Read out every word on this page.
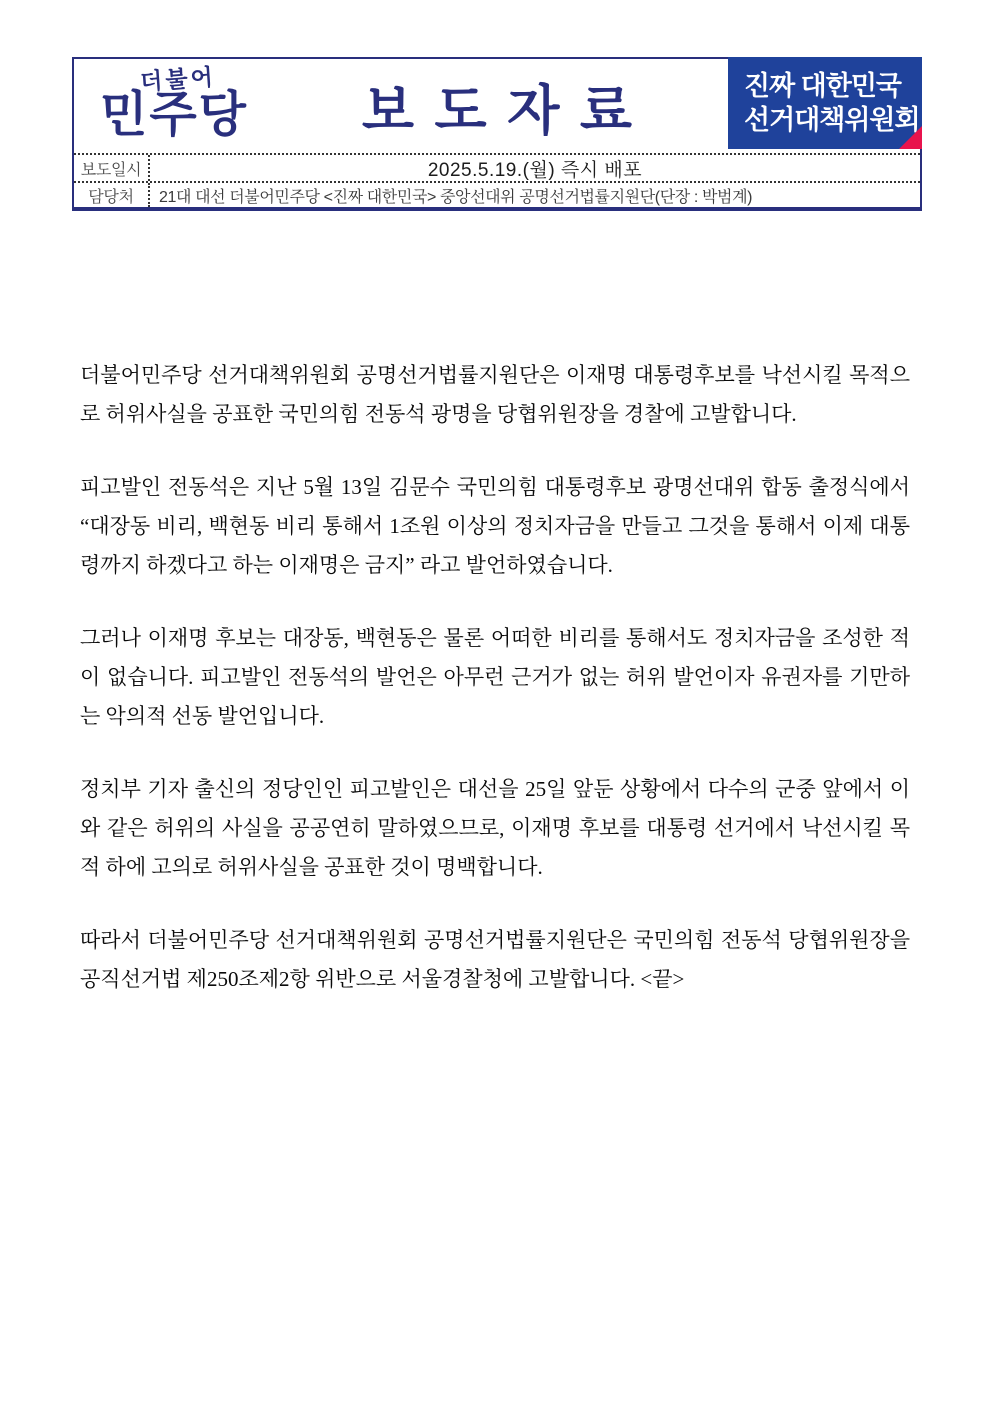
더불어
민주당	보도자료	진짜 대한민국
선거대책위원회
보도일시	2025.5.19.(월) 즉시 배포
담당처	21대 대선 더불어민주당 <진짜 대한민국> 중앙선대위 공명선거법률지원단(단장 : 박범계)

더불어민주당 선거대책위원회 공명선거법률지원단은 이재명 대통령후보를 낙선시킬 목적으로 허위사실을 공표한 국민의힘 전동석 광명을 당협위원장을 경찰에 고발합니다.

피고발인 전동석은 지난 5월 13일 김문수 국민의힘 대통령후보 광명선대위 합동 출정식에서 “대장동 비리, 백현동 비리 통해서 1조원 이상의 정치자금을 만들고 그것을 통해서 이제 대통령까지 하겠다고 하는 이재명은 금지” 라고 발언하였습니다.

그러나 이재명 후보는 대장동, 백현동은 물론 어떠한 비리를 통해서도 정치자금을 조성한 적이 없습니다. 피고발인 전동석의 발언은 아무런 근거가 없는 허위 발언이자 유권자를 기만하는 악의적 선동 발언입니다.

정치부 기자 출신의 정당인인 피고발인은 대선을 25일 앞둔 상황에서 다수의 군중 앞에서 이와 같은 허위의 사실을 공공연히 말하였으므로, 이재명 후보를 대통령 선거에서 낙선시킬 목적 하에 고의로 허위사실을 공표한 것이 명백합니다.

따라서 더불어민주당 선거대책위원회 공명선거법률지원단은 국민의힘 전동석 당협위원장을 공직선거법 제250조제2항 위반으로 서울경찰청에 고발합니다. <끝>
